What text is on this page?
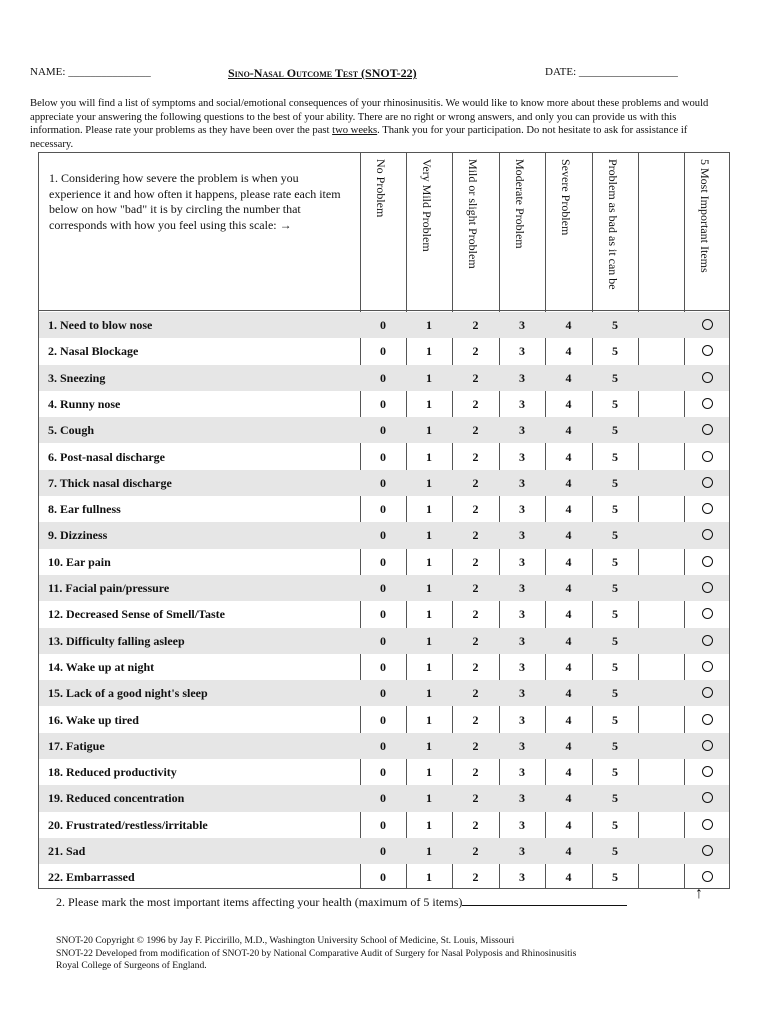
NAME: _______________	Sino-Nasal Outcome Test (SNOT-22)	DATE: __________________
Below you will find a list of symptoms and social/emotional consequences of your rhinosinusitis. We would like to know more about these problems and would appreciate your answering the following questions to the best of your ability. There are no right or wrong answers, and only you can provide us with this information. Please rate your problems as they have been over the past two weeks. Thank you for your participation. Do not hesitate to ask for assistance if necessary.
1. Considering how severe the problem is when you experience it and how often it happens, please rate each item below on how "bad" it is by circling the number that corresponds with how you feel using this scale: →
No Problem	Very Mild Problem	Mild or slight Problem	Moderate Problem	Severe Problem	Problem as bad as it can be	5 Most Important Items
1. Need to blow nose	0	1	2	3	4	5
2. Nasal Blockage	0	1	2	3	4	5
3. Sneezing	0	1	2	3	4	5
4. Runny nose	0	1	2	3	4	5
5. Cough	0	1	2	3	4	5
6. Post-nasal discharge	0	1	2	3	4	5
7. Thick nasal discharge	0	1	2	3	4	5
8. Ear fullness	0	1	2	3	4	5
9. Dizziness	0	1	2	3	4	5
10. Ear pain	0	1	2	3	4	5
11. Facial pain/pressure	0	1	2	3	4	5
12. Decreased Sense of Smell/Taste	0	1	2	3	4	5
13. Difficulty falling asleep	0	1	2	3	4	5
14. Wake up at night	0	1	2	3	4	5
15. Lack of a good night's sleep	0	1	2	3	4	5
16. Wake up tired	0	1	2	3	4	5
17. Fatigue	0	1	2	3	4	5
18. Reduced productivity	0	1	2	3	4	5
19. Reduced concentration	0	1	2	3	4	5
20. Frustrated/restless/irritable	0	1	2	3	4	5
21. Sad	0	1	2	3	4	5
22. Embarrassed	0	1	2	3	4	5
2. Please mark the most important items affecting your health (maximum of 5 items)	↑
SNOT-20 Copyright © 1996 by Jay F. Piccirillo, M.D., Washington University School of Medicine, St. Louis, Missouri
SNOT-22 Developed from modification of SNOT-20 by National Comparative Audit of Surgery for Nasal Polyposis and Rhinosinusitis
Royal College of Surgeons of England.
